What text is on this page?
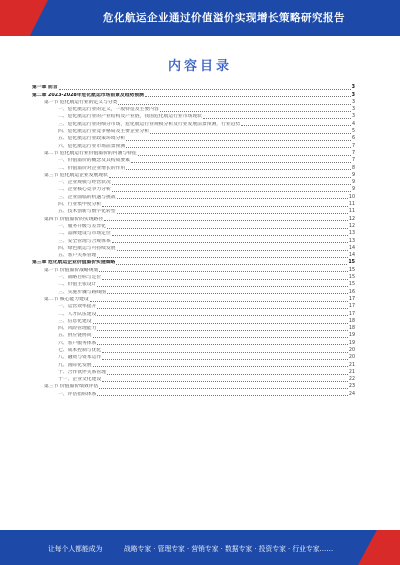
危化航运企业通过价值溢价实现增长策略研究报告
内容目录
第一章 前言	3
第二章 2023-2028年危化航运市场前景及趋势预测	3
第一节 危化航运行业的定义与分类	3
一、危化航运行业的定义，一般特征及主要内容	3
二、危化航运行业的产业结构及产业链，我国危化航运行业市场现状	3
三、危化航运行业的细分市场，危化航运行业规模分析及行业发展前景预测，行业趋势	4
四、危化航运行业竞争格局及主要企业分析	5
五、危化航运行业政策环境分析	6
六、危化航运行业市场前景预测	7
第二节 危化航运行业价值溢价的内涵与特征	7
一、价值溢价的概念及其构成要素	7
二、价值溢价对企业增长的作用	8
第三节 危化航运企业发展现状	9
一、企业规模与经营状况	9
二、企业核心竞争力分析	9
三、企业面临的机遇与挑战	10
四、行业集中度分析	11
五、技术创新与数字化转型	11
第四节 价值溢价的实现路径	12
一、服务升级与差异化	12
二、品牌建设与市场定位	13
三、安全管理与合规体系	13
四、绿色航运与可持续发展	14
五、客户关系管理	14
第三章 危化航运企业价值溢价实施策略	15
第一节 价值溢价战略规划	15
一、战略目标与定位	15
二、价值主张设计	15
三、实施步骤与路线图	16
第二节 核心能力建设	17
一、运营效率提升	17
二、人才队伍建设	17
三、信息化建设	18
四、风险管理能力	18
五、供应链协同	19
六、客户服务体系	19
七、成本控制与优化	20
八、融资与资本运作	20
九、国际化发展	21
十、合作伙伴关系管理	21
十一、企业文化建设	22
第三节 价值溢价绩效评估	23
一、评估指标体系	24
让每个人都能成为	战略专家 · 管理专家 · 营销专家 · 数据专家 · 投资专家 · 行业专家……
